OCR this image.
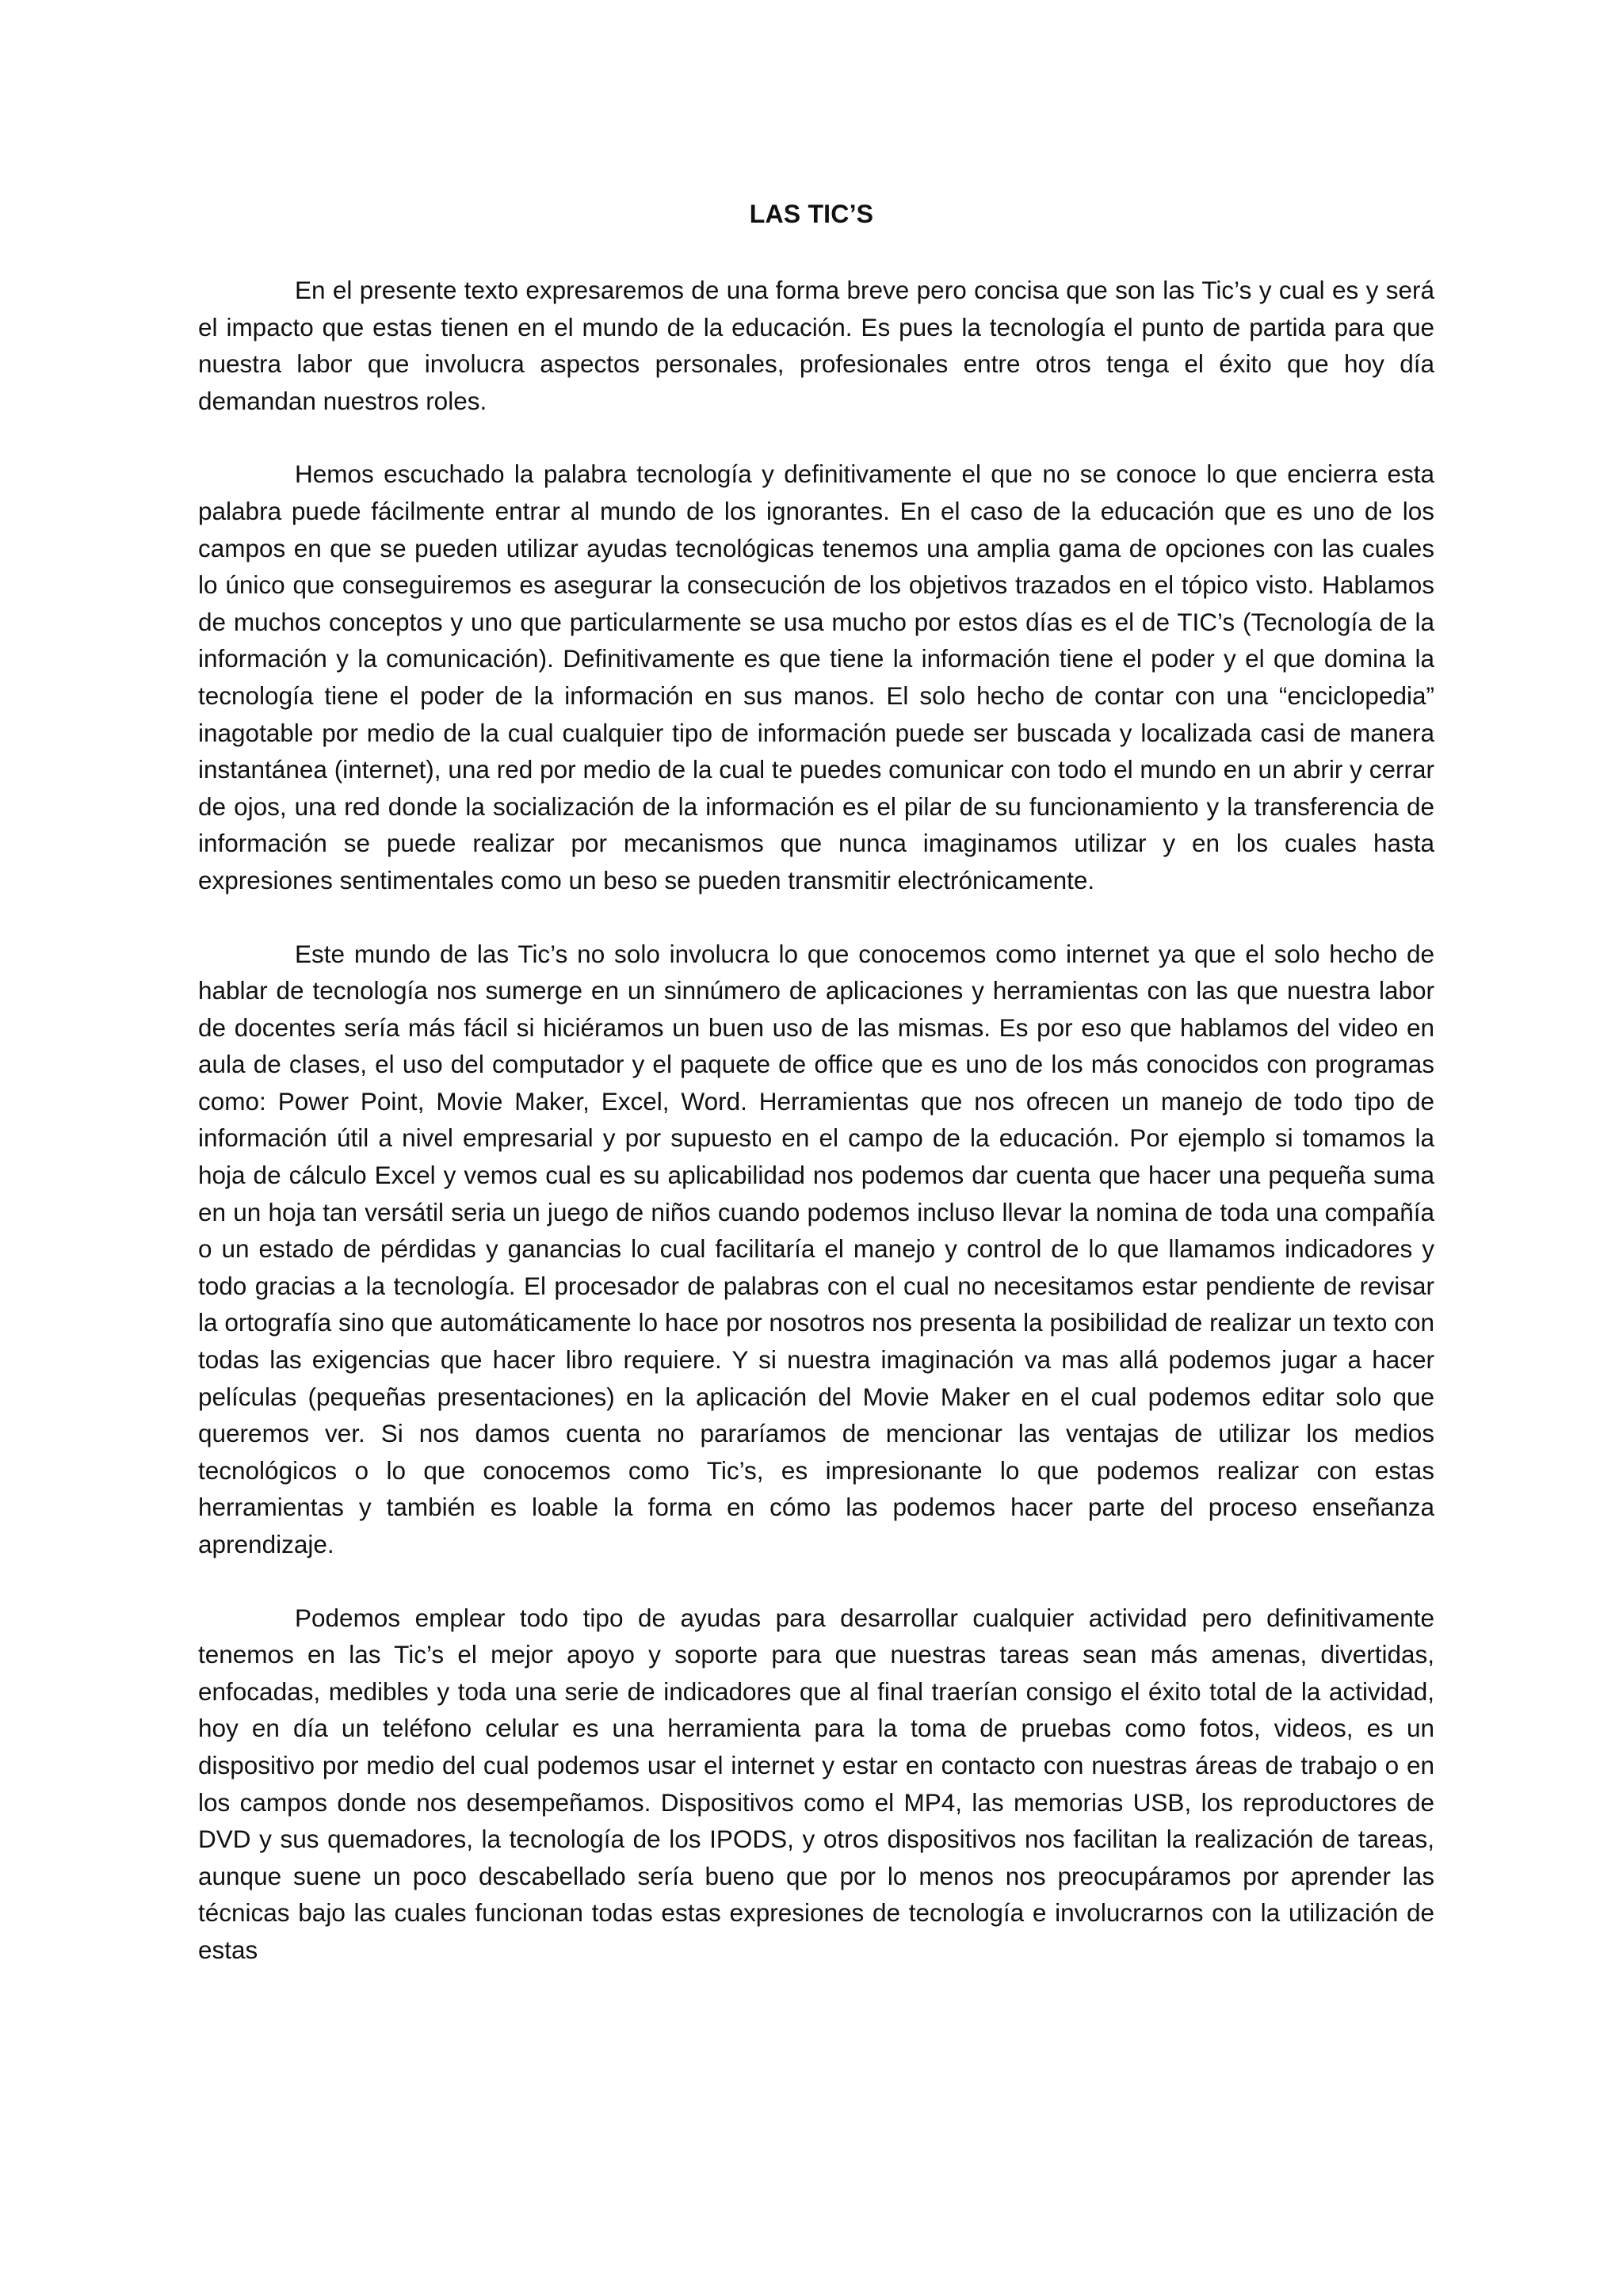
LAS TIC’S

En el presente texto expresaremos de una forma breve pero concisa que son las Tic’s y cual es y será el impacto que estas tienen en el mundo de la educación. Es pues la tecnología el punto de partida para que nuestra labor que involucra aspectos personales, profesionales entre otros tenga el éxito que hoy día demandan nuestros roles.

Hemos escuchado la palabra tecnología y definitivamente el que no se conoce lo que encierra esta palabra puede fácilmente entrar al mundo de los ignorantes. En el caso de la educación que es uno de los campos en que se pueden utilizar ayudas tecnológicas tenemos una amplia gama de opciones con las cuales lo único que conseguiremos es asegurar la consecución de los objetivos trazados en el tópico visto. Hablamos de muchos conceptos y uno que particularmente se usa mucho por estos días es el de TIC’s (Tecnología de la información y la comunicación). Definitivamente es que tiene la información tiene el poder y el que domina la tecnología tiene el poder de la información en sus manos. El solo hecho de contar con una “enciclopedia” inagotable por medio de la cual cualquier tipo de información puede ser buscada y localizada casi de manera instantánea (internet), una red por medio de la cual te puedes comunicar con todo el mundo en un abrir y cerrar de ojos, una red donde la socialización de la información es el pilar de su funcionamiento y la transferencia de información se puede realizar por mecanismos que nunca imaginamos utilizar y en los cuales hasta expresiones sentimentales como un beso se pueden transmitir electrónicamente.

Este mundo de las Tic’s no solo involucra lo que conocemos como internet ya que el solo hecho de hablar de tecnología nos sumerge en un sinnúmero de aplicaciones y herramientas con las que nuestra labor de docentes sería más fácil si hiciéramos un buen uso de las mismas. Es por eso que hablamos del video en aula de clases, el uso del computador y el paquete de office que es uno de los más conocidos con programas como: Power Point, Movie Maker, Excel, Word. Herramientas que nos ofrecen un manejo de todo tipo de información útil a nivel empresarial y por supuesto en el campo de la educación. Por ejemplo si tomamos la hoja de cálculo Excel y vemos cual es su aplicabilidad nos podemos dar cuenta que hacer una pequeña suma en un hoja tan versátil seria un juego de niños cuando podemos incluso llevar la nomina de toda una compañía o un estado de pérdidas y ganancias lo cual facilitaría el manejo y control de lo que llamamos indicadores y todo gracias a la tecnología. El procesador de palabras con el cual no necesitamos estar pendiente de revisar la ortografía sino que automáticamente lo hace por nosotros nos presenta la posibilidad de realizar un texto con todas las exigencias que hacer libro requiere. Y si nuestra imaginación va mas allá podemos jugar a hacer películas (pequeñas presentaciones) en la aplicación del Movie Maker en el cual podemos editar solo que queremos ver. Si nos damos cuenta no pararíamos de mencionar las ventajas de utilizar los medios tecnológicos o lo que conocemos como Tic’s, es impresionante lo que podemos realizar con estas herramientas y también es loable la forma en cómo las podemos hacer parte del proceso enseñanza aprendizaje.

Podemos emplear todo tipo de ayudas para desarrollar cualquier actividad pero definitivamente tenemos en las Tic’s el mejor apoyo y soporte para que nuestras tareas sean más amenas, divertidas, enfocadas, medibles y toda una serie de indicadores que al final traerían consigo el éxito total de la actividad, hoy en día un teléfono celular es una herramienta para la toma de pruebas como fotos, videos, es un dispositivo por medio del cual podemos usar el internet y estar en contacto con nuestras áreas de trabajo o en los campos donde nos desempeñamos. Dispositivos como el MP4, las memorias USB, los reproductores de DVD y sus quemadores, la tecnología de los IPODS, y otros dispositivos nos facilitan la realización de tareas, aunque suene un poco descabellado sería bueno que por lo menos nos preocupáramos por aprender las técnicas bajo las cuales funcionan todas estas expresiones de tecnología e involucrarnos con la utilización de estas
